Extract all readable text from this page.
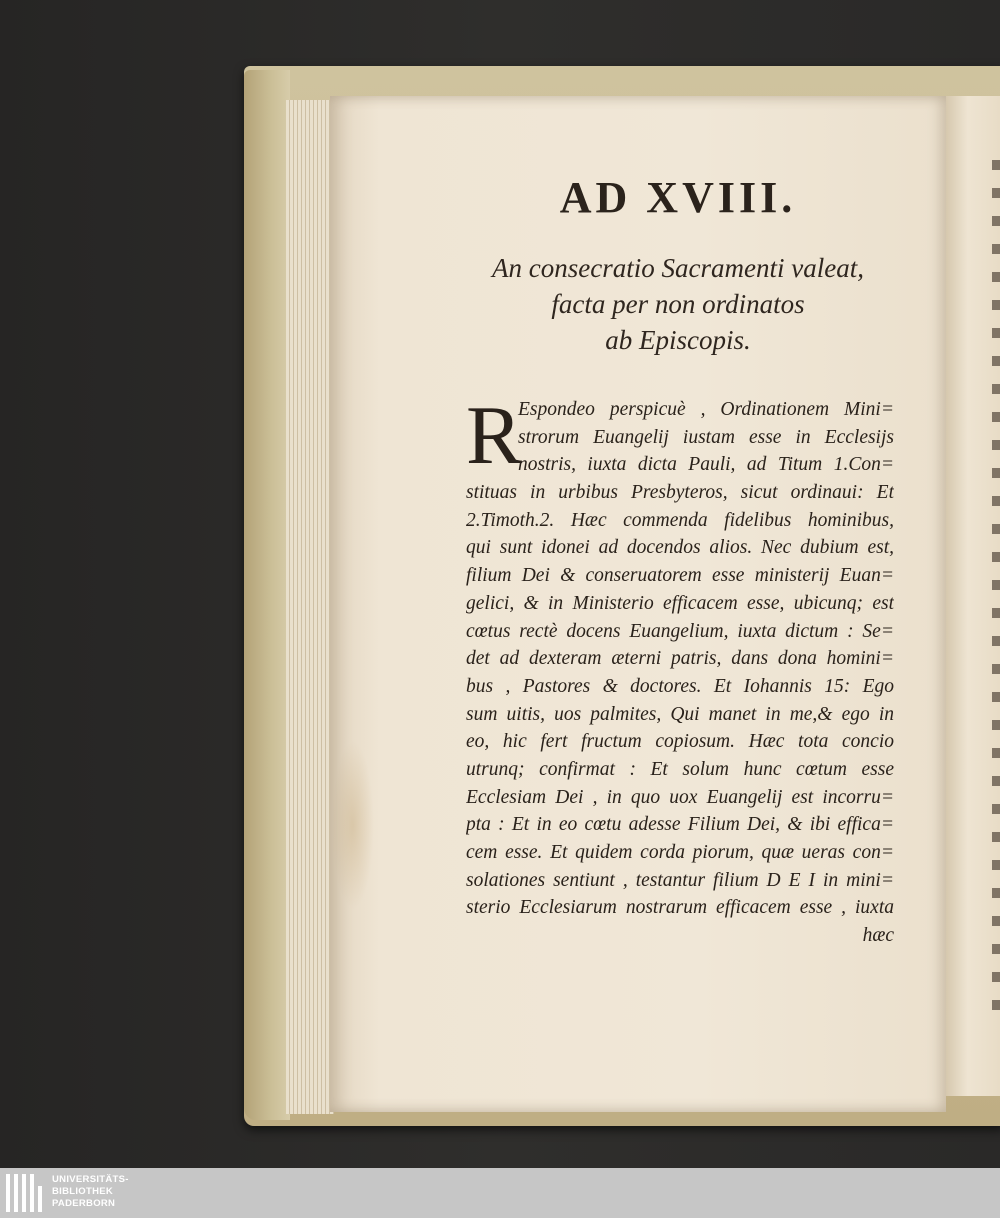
AD XVIII.
An consecratio Sacramenti valeat,
facta per non ordinatos
ab Episcopis.
R
Espondeo perspicuè , Ordinationem Mini=
strorum Euangelij iustam esse in Ecclesijs
nostris, iuxta dicta Pauli, ad Titum 1.Con=
stituas in urbibus Presbyteros, sicut ordinaui: Et
2.Timoth.2. Hæc commenda fidelibus hominibus,
qui sunt idonei ad docendos alios. Nec dubium est,
filium Dei & conseruatorem esse ministerij Euan=
gelici, & in Ministerio efficacem esse, ubicunq; est
cœtus rectè docens Euangelium, iuxta dictum : Se=
det ad dexteram æterni patris, dans dona homini=
bus , Pastores & doctores. Et Iohannis 15: Ego
sum uitis, uos palmites, Qui manet in me,& ego in
eo, hic fert fructum copiosum. Hæc tota concio
utrunq; confirmat : Et solum hunc cœtum esse
Ecclesiam Dei , in quo uox Euangelij est incorru=
pta : Et in eo cœtu adesse Filium Dei, & ibi effica=
cem esse. Et quidem corda piorum, quæ ueras con=
solationes sentiunt , testantur filium D E I in mini=
sterio Ecclesiarum nostrarum efficacem esse , iuxta
hæc
UNIVERSITÄTS-
BIBLIOTHEK
PADERBORN
